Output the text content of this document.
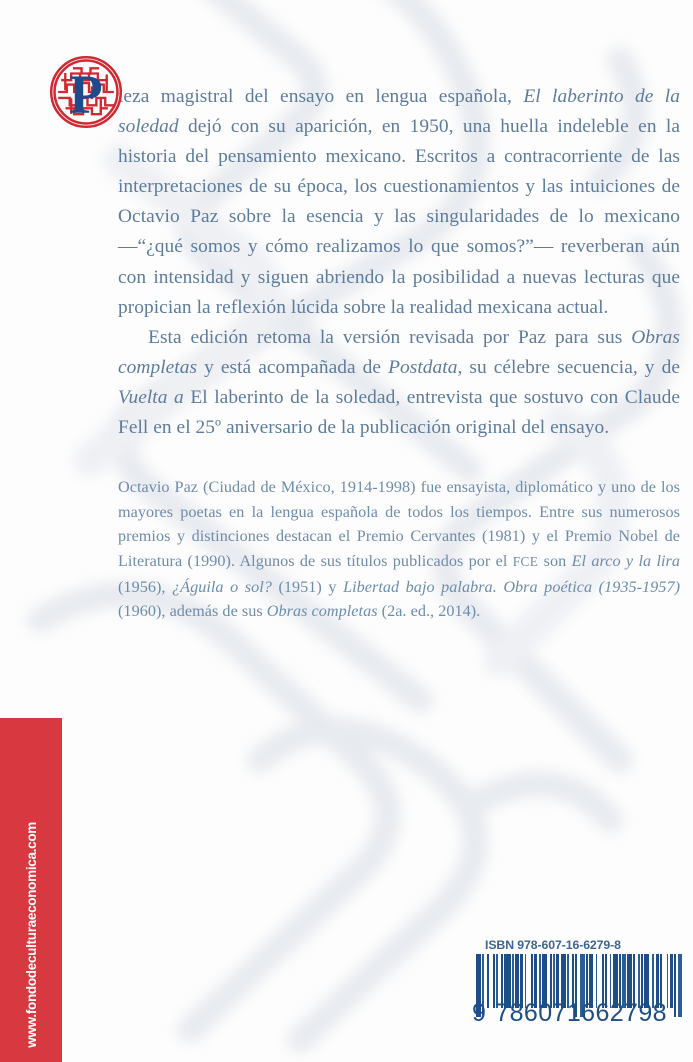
P ieza magistral del ensayo en lengua española, El laberinto de la soledad dejó con su aparición, en 1950, una huella indeleble en la historia del pensamiento mexicano. Escritos a contracorriente de las interpretaciones de su época, los cuestionamientos y las intuiciones de Octavio Paz sobre la esencia y las singularidades de lo mexicano —“¿qué somos y cómo realizamos lo que somos?”— reverberan aún con intensidad y siguen abriendo la posibilidad a nuevas lecturas que propician la reflexión lúcida sobre la realidad mexicana actual.

Esta edición retoma la versión revisada por Paz para sus Obras completas y está acompañada de Postdata, su célebre secuencia, y de Vuelta a El laberinto de la soledad, entrevista que sostuvo con Claude Fell en el 25º aniversario de la publicación original del ensayo.

Octavio Paz (Ciudad de México, 1914-1998) fue ensayista, diplomático y uno de los mayores poetas en la lengua española de todos los tiempos. Entre sus numerosos premios y distinciones destacan el Premio Cervantes (1981) y el Premio Nobel de Literatura (1990). Algunos de sus títulos publicados por el FCE son El arco y la lira (1956), ¿Águila o sol? (1951) y Libertad bajo palabra. Obra poética (1935-1957) (1960), además de sus Obras completas (2a. ed., 2014).
www.fondodeculturaeconomica.com	ISBN 978-607-16-6279-8
9 786071662798
